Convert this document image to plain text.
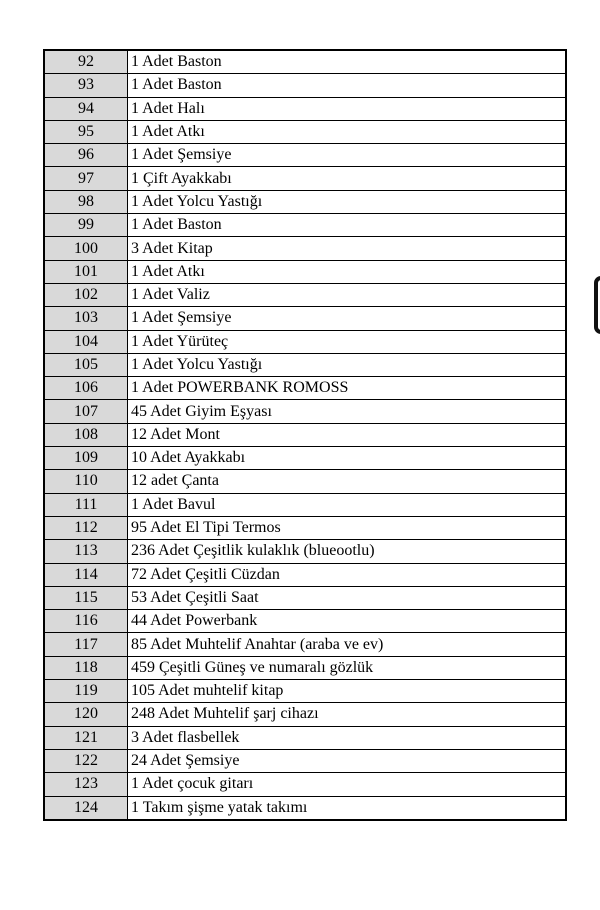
92	1 Adet Baston
93	1 Adet Baston
94	1 Adet Halı
95	1 Adet Atkı
96	1 Adet Şemsiye
97	1 Çift Ayakkabı
98	1 Adet Yolcu Yastığı
99	1 Adet Baston
100	3 Adet Kitap
101	1 Adet Atkı
102	1 Adet Valiz
103	1 Adet Şemsiye
104	1 Adet Yürüteç
105	1 Adet Yolcu Yastığı
106	1 Adet POWERBANK ROMOSS
107	45 Adet Giyim Eşyası
108	12 Adet Mont
109	10 Adet Ayakkabı
110	12 adet Çanta
111	1 Adet Bavul
112	95 Adet El Tipi Termos
113	236 Adet Çeşitlik kulaklık (blueootlu)
114	72 Adet Çeşitli Cüzdan
115	53 Adet Çeşitli Saat
116	44 Adet Powerbank
117	85 Adet Muhtelif Anahtar (araba ve ev)
118	459 Çeşitli Güneş ve numaralı gözlük
119	105 Adet muhtelif kitap
120	248 Adet Muhtelif şarj cihazı
121	3 Adet flasbellek
122	24 Adet Şemsiye
123	1 Adet çocuk gitarı
124	1 Takım şişme yatak takımı
